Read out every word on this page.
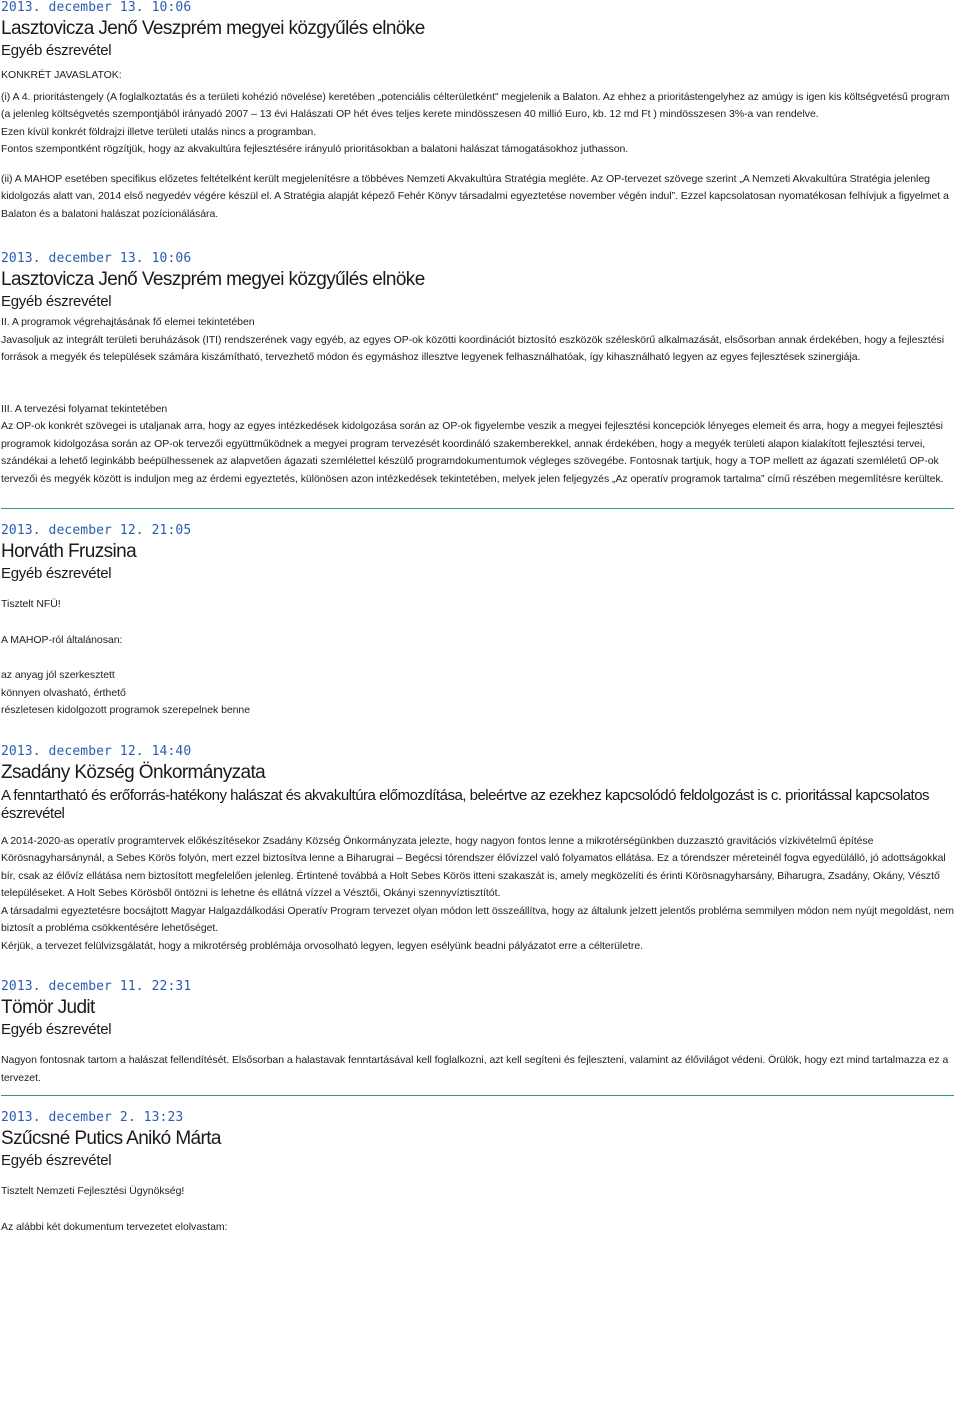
2013. december 13. 10:06
Lasztovicza Jenő Veszprém megyei közgyűlés elnöke
Egyéb észrevétel

KONKRÉT JAVASLATOK:

(i) A 4. prioritástengely (A foglalkoztatás és a területi kohézió növelése) keretében „potenciális célterületként” megjelenik a Balaton. Az ehhez a prioritástengelyhez az amúgy is igen kis költségvetésű program (a jelenleg költségvetés szempontjából irányadó 2007 – 13 évi Halászati OP hét éves teljes kerete mindösszesen 40 millió Euro, kb. 12 md Ft ) mindösszesen 3%-a van rendelve.

Ezen kívül konkrét földrajzi illetve területi utalás nincs a programban.

Fontos szempontként rögzítjük, hogy az akvakultúra fejlesztésére irányuló prioritásokban a balatoni halászat támogatásokhoz juthasson.

(ii) A MAHOP esetében specifikus előzetes feltételként került megjelenítésre a többéves Nemzeti Akvakultúra Stratégia megléte. Az OP-tervezet szövege szerint „A Nemzeti Akvakultúra Stratégia jelenleg kidolgozás alatt van, 2014 első negyedév végére készül el. A Stratégia alapját képező Fehér Könyv társadalmi egyeztetése november végén indul”. Ezzel kapcsolatosan nyomatékosan felhívjuk a figyelmet a Balaton és a balatoni halászat pozícionálására.

2013. december 13. 10:06
Lasztovicza Jenő Veszprém megyei közgyűlés elnöke
Egyéb észrevétel

II. A programok végrehajtásának fő elemei tekintetében

Javasoljuk az integrált területi beruházások (ITI) rendszerének vagy egyéb, az egyes OP-ok közötti koordinációt biztosító eszközök széleskörű alkalmazását, elsősorban annak érdekében, hogy a fejlesztési források a megyék és települések számára kiszámítható, tervezhető módon és egymáshoz illesztve legyenek felhasználhatóak, így kihasználható legyen az egyes fejlesztések szinergiája.

III. A tervezési folyamat tekintetében

Az OP-ok konkrét szövegei is utaljanak arra, hogy az egyes intézkedések kidolgozása során az OP-ok figyelembe veszik a megyei fejlesztési koncepciók lényeges elemeit és arra, hogy a megyei fejlesztési programok kidolgozása során az OP-ok tervezői együttműködnek a megyei program tervezését koordináló szakemberekkel, annak érdekében, hogy a megyék területi alapon kialakított fejlesztési tervei, szándékai a lehető leginkább beépülhessenek az alapvetően ágazati szemlélettel készülő programdokumentumok végleges szövegébe. Fontosnak tartjuk, hogy a TOP mellett az ágazati szemléletű OP-ok tervezői és megyék között is induljon meg az érdemi egyeztetés, különösen azon intézkedések tekintetében, melyek jelen feljegyzés „Az operatív programok tartalma” című részében megemlítésre kerültek.

2013. december 12. 21:05
Horváth Fruzsina
Egyéb észrevétel

Tisztelt NFÜ!

A MAHOP-ról általánosan:

az anyag jól szerkesztett

könnyen olvasható, érthető

részletesen kidolgozott programok szerepelnek benne

2013. december 12. 14:40
Zsadány Község Önkormányzata
A fenntartható és erőforrás-hatékony halászat és akvakultúra előmozdítása, beleértve az ezekhez kapcsolódó feldolgozást is c. prioritással kapcsolatos észrevétel

A 2014-2020-as operatív programtervek előkészítésekor Zsadány Község Önkormányzata jelezte, hogy nagyon fontos lenne a mikrotérségünkben duzzasztó gravitációs vízkivételmű építése Körösnagyharsánynál, a Sebes Körös folyón, mert ezzel biztosítva lenne a Biharugrai – Begécsi tórendszer élővízzel való folyamatos ellátása. Ez a tórendszer méreteinél fogva egyedülálló, jó adottságokkal bír, csak az élővíz ellátása nem biztosított megfelelően jelenleg. Értintené továbbá a Holt Sebes Körös itteni szakaszát is, amely megközelíti és érinti Körösnagyharsány, Biharugra, Zsadány, Okány, Vésztő településeket. A Holt Sebes Körösből öntözni is lehetne és ellátná vízzel a Vésztői, Okányi szennyvíztisztítót.

A társadalmi egyeztetésre bocsájtott Magyar Halgazdálkodási Operatív Program tervezet olyan módon lett összeállítva, hogy az általunk jelzett jelentős probléma semmilyen módon nem nyújt megoldást, nem biztosít a probléma csökkentésére lehetőséget.

Kérjük, a tervezet felülvizsgálatát, hogy a mikrotérség problémája orvosolható legyen, legyen esélyünk beadni pályázatot erre a célterületre.

2013. december 11. 22:31
Tömör Judit
Egyéb észrevétel

Nagyon fontosnak tartom a halászat fellendítését. Elsősorban a halastavak fenntartásával kell foglalkozni, azt kell segíteni és fejleszteni, valamint az élővilágot védeni. Örülök, hogy ezt mind tartalmazza ez a tervezet.

2013. december 2. 13:23
Szűcsné Putics Anikó Márta
Egyéb észrevétel

Tisztelt Nemzeti Fejlesztési Ügynökség!

Az alábbi két dokumentum tervezetet elolvastam:
